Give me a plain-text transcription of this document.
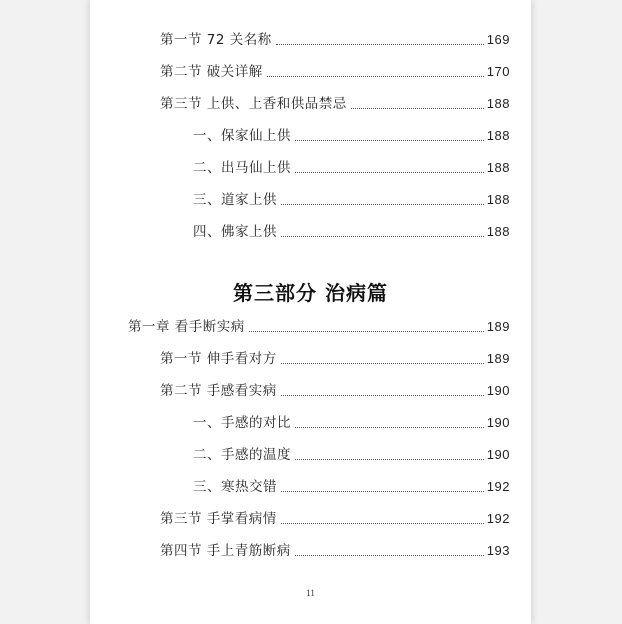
第一节 72 关名称	169
第二节 破关详解	170
第三节 上供、上香和供品禁忌	188
一、保家仙上供	188
二、出马仙上供	188
三、道家上供	188
四、佛家上供	188
第三部分 治病篇
第一章 看手断实病	189
第一节 伸手看对方	189
第二节 手感看实病	190
一、手感的对比	190
二、手感的温度	190
三、寒热交错	192
第三节 手掌看病情	192
第四节 手上青筋断病	193
11
